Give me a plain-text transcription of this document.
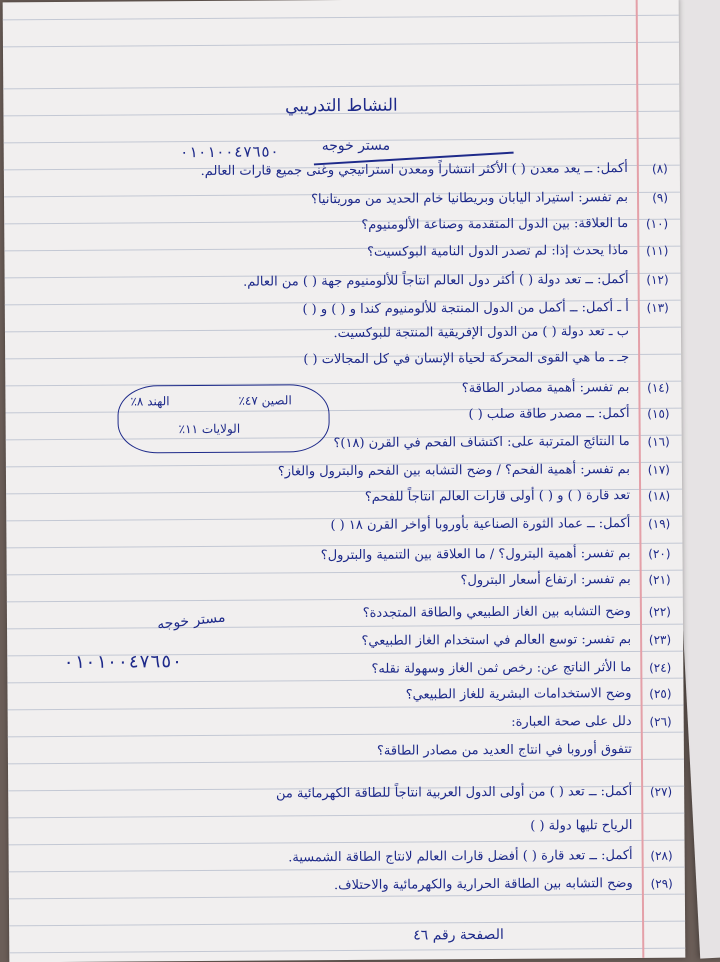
النشاط التدريبي
مستر خوجه
٠١٠١٠٠٤٧٦٥٠
أكمل: ــ يعد معدن ( ) الأكثر انتشاراً ومعدن استراتيجي وغنى جميع قارات العالم. (٨)
بم تفسر: استيراد اليابان وبريطانيا خام الحديد من موريتانيا؟ (٩)
ما العلاقة: بين الدول المتقدمة وصناعة الألومنيوم؟ (١٠)
ماذا يحدث إذا: لم تصدر الدول النامية البوكسيت؟ (١١)
أكمل: ــ تعد دولة ( ) أكثر دول العالم انتاجاً للألومنيوم جهة ( ) من العالم. (١٢)
أ ـ أكمل: ــ أكمل من الدول المنتجة للألومنيوم كندا و ( ) و ( ) (١٣)
ب ـ تعد دولة ( ) من الدول الإفريقية المنتجة للبوكسيت.
جـ ـ ما هي القوى المحركة لحياة الإنسان في كل المجالات ( )
بم تفسر: أهمية مصادر الطاقة؟ (١٤)
أكمل: ــ مصدر طاقة صلب ( ) (١٥)
ما النتائج المترتبة على: اكتشاف الفحم في القرن (١٨)؟ (١٦)
بم تفسر: أهمية الفحم؟ / وضح التشابه بين الفحم والبترول والغاز؟ (١٧)
تعد قارة ( ) و ( ) أولى قارات العالم انتاجاً للفحم؟ (١٨)
أكمل: ــ عماد الثورة الصناعية بأوروبا أواخر القرن ١٨ ( ) (١٩)
بم تفسر: أهمية البترول؟ / ما العلاقة بين التنمية والبترول؟ (٢٠)
بم تفسر: ارتفاع أسعار البترول؟ (٢١)
وضح التشابه بين الغاز الطبيعي والطاقة المتجددة؟ (٢٢)
بم تفسر: توسع العالم في استخدام الغاز الطبيعي؟ (٢٣)
ما الأثر الناتج عن: رخص ثمن الغاز وسهولة نقله؟ (٢٤)
وضح الاستخدامات البشرية للغاز الطبيعي؟ (٢٥)
دلل على صحة العبارة: (٢٦)
تتفوق أوروبا في انتاج العديد من مصادر الطاقة؟
أكمل: ــ تعد ( ) من أولى الدول العربية انتاجاً للطاقة الكهرمائية من (٢٧)
الرياح تليها دولة ( )
أكمل: ــ تعد قارة ( ) أفضل قارات العالم لانتاج الطاقة الشمسية. (٢٨)
وضح التشابه بين الطاقة الحرارية والكهرمائية والاحتلاف. (٢٩)
الصين ٤٧٪
الهند ٨٪
الولايات ١١٪
مستر خوجه
٠١٠١٠٠٤٧٦٥٠
الصفحة رقم ٤٦
